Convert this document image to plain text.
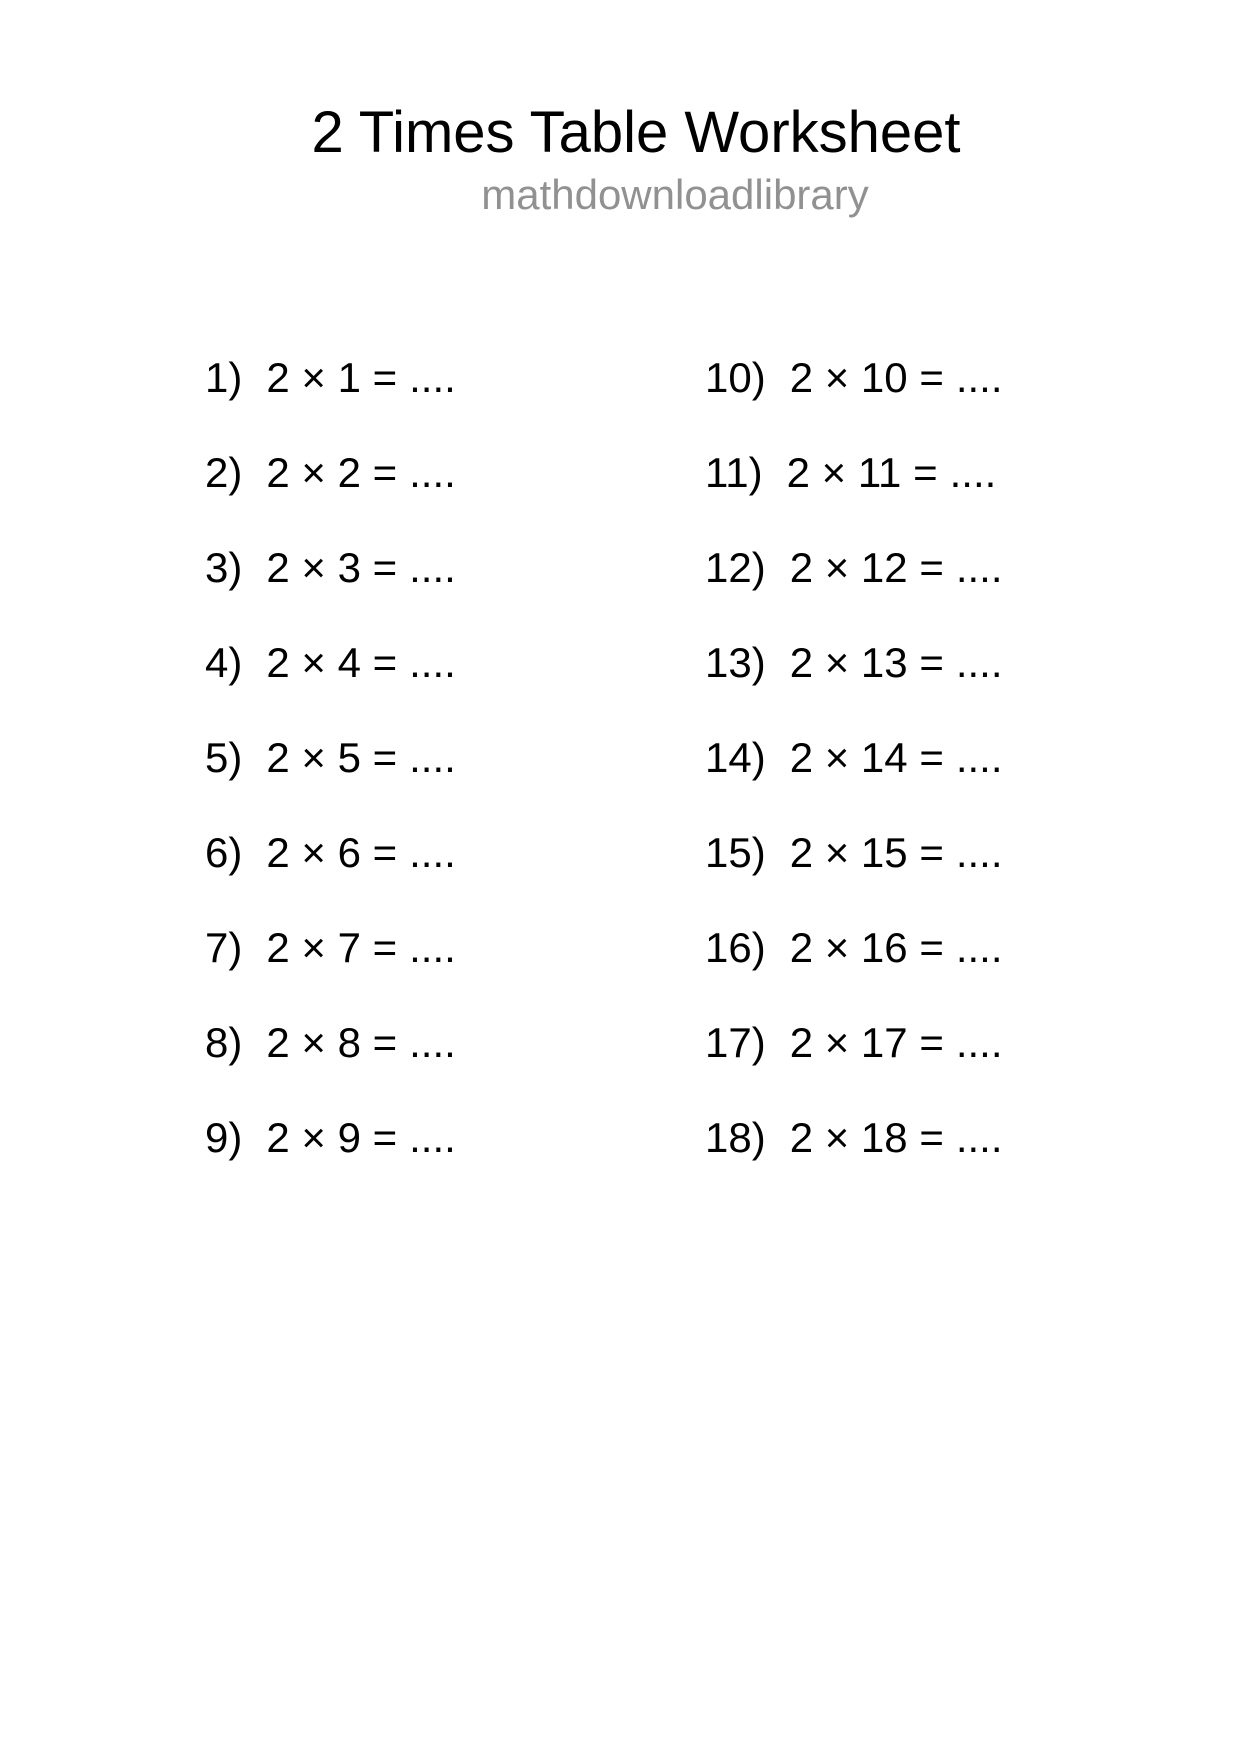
2 Times Table Worksheet
mathdownloadlibrary
1) 2 × 1 = ....
2) 2 × 2 = ....
3) 2 × 3 = ....
4) 2 × 4 = ....
5) 2 × 5 = ....
6) 2 × 6 = ....
7) 2 × 7 = ....
8) 2 × 8 = ....
9) 2 × 9 = ....
10) 2 × 10 = ....
11) 2 × 11 = ....
12) 2 × 12 = ....
13) 2 × 13 = ....
14) 2 × 14 = ....
15) 2 × 15 = ....
16) 2 × 16 = ....
17) 2 × 17 = ....
18) 2 × 18 = ....
